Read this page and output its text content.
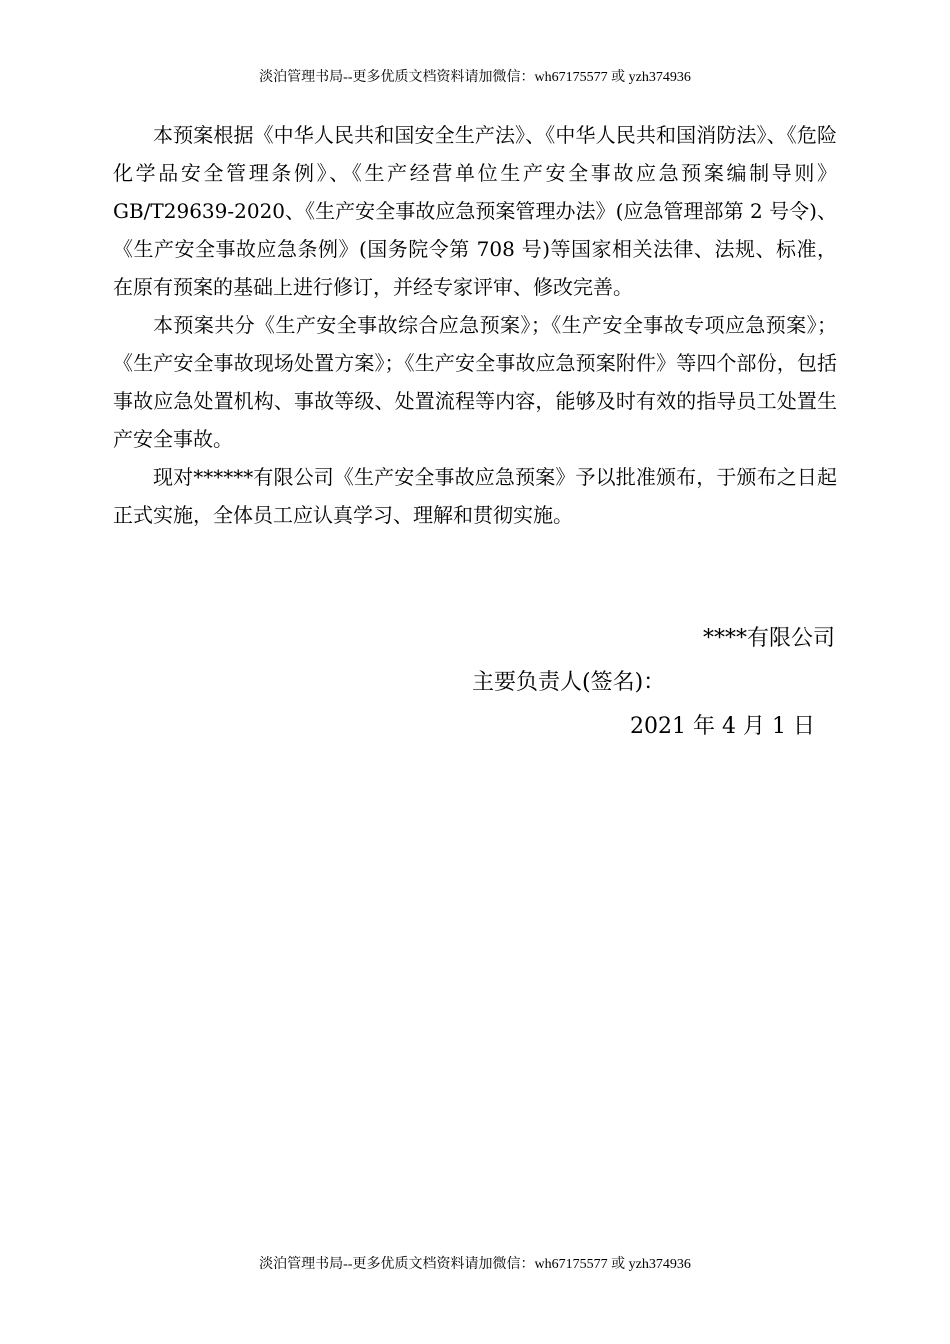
淡泊管理书局--更多优质文档资料请加微信：wh67175577 或 yzh374936

本预案根据《中华人民共和国安全生产法》、《中华人民共和国消防法》、《危险化学品安全管理条例》、《生产经营单位生产安全事故应急预案编制导则》GB/T29639-2020、《生产安全事故应急预案管理办法》(应急管理部第 2 号令)、《生产安全事故应急条例》(国务院令第 708 号)等国家相关法律、法规、标准，在原有预案的基础上进行修订，并经专家评审、修改完善。

本预案共分《生产安全事故综合应急预案》；《生产安全事故专项应急预案》；《生产安全事故现场处置方案》；《生产安全事故应急预案附件》等四个部份，包括事故应急处置机构、事故等级、处置流程等内容，能够及时有效的指导员工处置生产安全事故。

现对******有限公司《生产安全事故应急预案》予以批准颁布，于颁布之日起正式实施，全体员工应认真学习、理解和贯彻实施。

****有限公司
主要负责人(签名)：
2021 年 4 月 1 日
淡泊管理书局--更多优质文档资料请加微信：wh67175577 或 yzh374936
